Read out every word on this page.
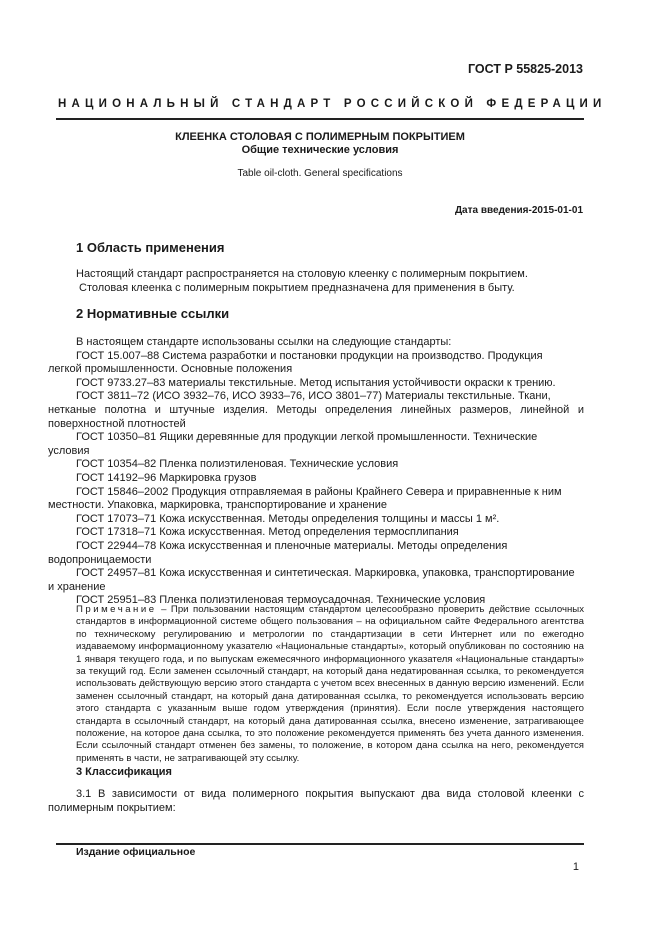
ГОСТ Р 55825-2013
НАЦИОНАЛЬНЫЙ СТАНДАРТ РОССИЙСКОЙ ФЕДЕРАЦИИ
КЛЕЕНКА СТОЛОВАЯ С ПОЛИМЕРНЫМ ПОКРЫТИЕМ
Общие технические условия
Table oil-cloth. General specifications
Дата введения-2015-01-01
1 Область применения
Настоящий стандарт распространяется на столовую клеенку с полимерным покрытием.
Столовая клеенка с полимерным покрытием предназначена для применения в быту.
2 Нормативные ссылки
В настоящем стандарте использованы ссылки на следующие стандарты:
ГОСТ 15.007–88 Система разработки и постановки продукции на производство. Продукция
легкой промышленности. Основные положения
ГОСТ 9733.27–83 материалы текстильные. Метод испытания устойчивости окраски к трению.
ГОСТ 3811–72 (ИСО 3932–76, ИСО 3933–76, ИСО 3801–77) Материалы текстильные. Ткани,
нетканые полотна и штучные изделия. Методы определения линейных размеров, линейной и поверхностной плотностей
ГОСТ 10350–81 Ящики деревянные для продукции легкой промышленности. Технические
условия
ГОСТ 10354–82 Пленка полиэтиленовая. Технические условия
ГОСТ 14192–96 Маркировка грузов
ГОСТ 15846–2002 Продукция отправляемая в районы Крайнего Севера и приравненные к ним
местности. Упаковка, маркировка, транспортирование и хранение
ГОСТ 17073–71 Кожа искусственная. Методы определения толщины и массы 1 м².
ГОСТ 17318–71 Кожа искусственная. Метод определения термосплипания
ГОСТ 22944–78 Кожа искусственная и пленочные материалы. Методы определения
водопроницаемости
ГОСТ 24957–81 Кожа искусственная и синтетическая. Маркировка, упаковка, транспортирование
и хранение
ГОСТ 25951–83 Пленка полиэтиленовая термоусадочная. Технические условия
Примечание – При пользовании настоящим стандартом целесообразно проверить действие ссылочных стандартов в информационной системе общего пользования – на официальном сайте Федерального агентства по техническому регулированию и метрологии по стандартизации в сети Интернет или по ежегодно издаваемому информационному указателю «Национальные стандарты», который опубликован по состоянию на 1 января текущего года, и по выпускам ежемесячного информационного указателя «Национальные стандарты» за текущий год. Если заменен ссылочный стандарт, на который дана недатированная ссылка, то рекомендуется использовать действующую версию этого стандарта с учетом всех внесенных в данную версию изменений. Если заменен ссылочный стандарт, на который дана датированная ссылка, то рекомендуется использовать версию этого стандарта с указанным выше годом утверждения (принятия). Если после утверждения настоящего стандарта в ссылочный стандарт, на который дана датированная ссылка, внесено изменение, затрагивающее положение, на которое дана ссылка, то это положение рекомендуется применять без учета данного изменения. Если ссылочный стандарт отменен без замены, то положение, в котором дана ссылка на него, рекомендуется применять в части, не затрагивающей эту ссылку.
3 Классификация

3.1 В зависимости от вида полимерного покрытия выпускают два вида столовой клеенки с полимерным покрытием:

Издание официальное
1
